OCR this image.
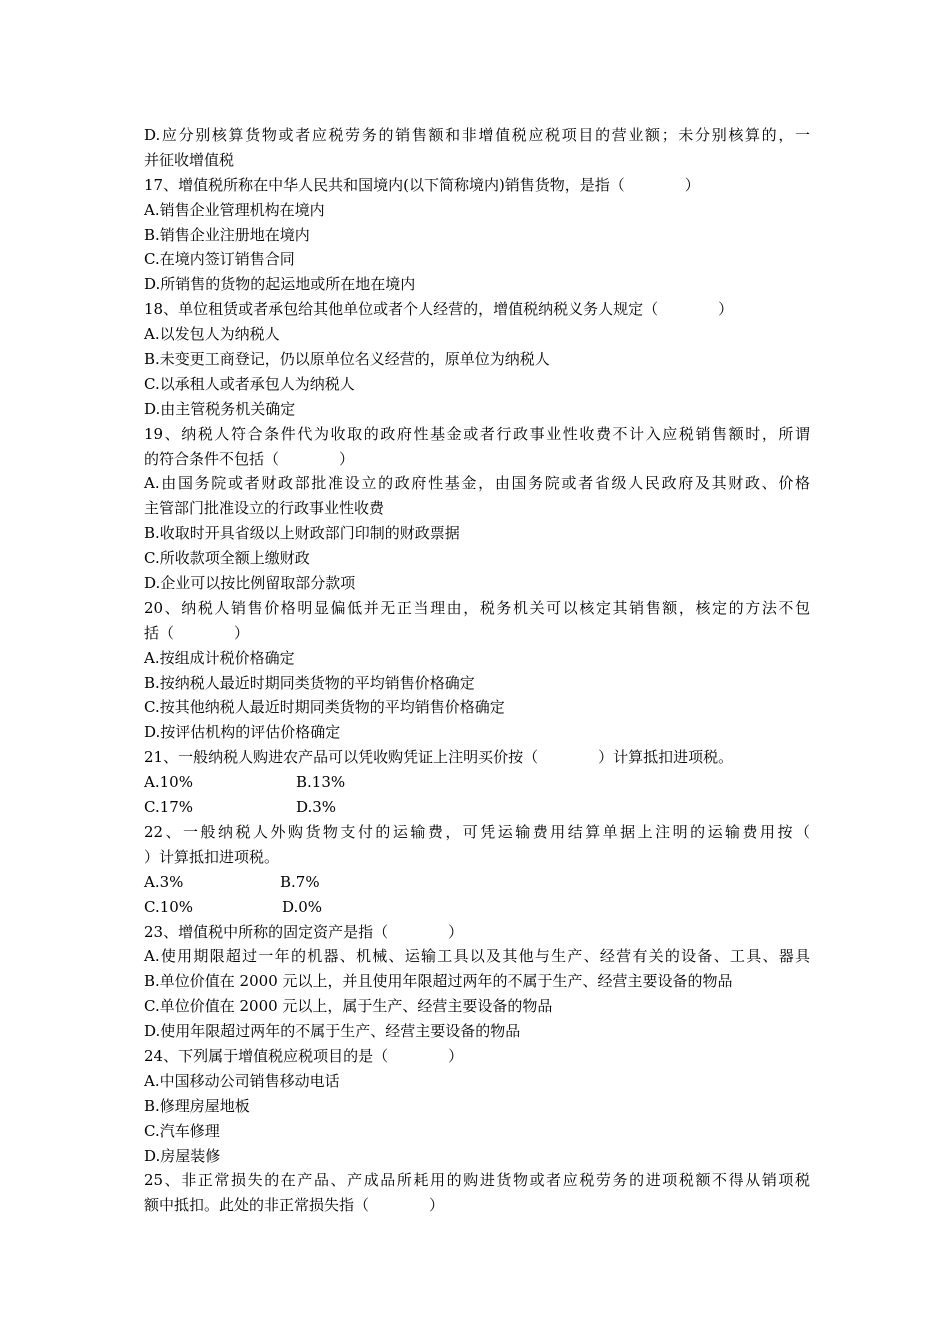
D.应分别核算货物或者应税劳务的销售额和非增值税应税项目的营业额；未分别核算的，一
并征收增值税
17、增值税所称在中华人民共和国境内(以下简称境内)销售货物，是指（　　　　）
A.销售企业管理机构在境内
B.销售企业注册地在境内
C.在境内签订销售合同
D.所销售的货物的起运地或所在地在境内
18、单位租赁或者承包给其他单位或者个人经营的，增值税纳税义务人规定（　　　　）
A.以发包人为纳税人
B.未变更工商登记，仍以原单位名义经营的，原单位为纳税人
C.以承租人或者承包人为纳税人
D.由主管税务机关确定
19、纳税人符合条件代为收取的政府性基金或者行政事业性收费不计入应税销售额时，所谓
的符合条件不包括（　　　　）
A.由国务院或者财政部批准设立的政府性基金，由国务院或者省级人民政府及其财政、价格
主管部门批准设立的行政事业性收费
B.收取时开具省级以上财政部门印制的财政票据
C.所收款项全额上缴财政
D.企业可以按比例留取部分款项
20、纳税人销售价格明显偏低并无正当理由，税务机关可以核定其销售额，核定的方法不包
括（　　　　）
A.按组成计税价格确定
B.按纳税人最近时期同类货物的平均销售价格确定
C.按其他纳税人最近时期同类货物的平均销售价格确定
D.按评估机构的评估价格确定
21、一般纳税人购进农产品可以凭收购凭证上注明买价按（　　　　）计算抵扣进项税。
A.10%	B.13%
C.17%	D.3%
22、一般纳税人外购货物支付的运输费，可凭运输费用结算单据上注明的运输费用按（
）计算抵扣进项税。
A.3%	B.7%
C.10%	D.0%
23、增值税中所称的固定资产是指（　　　　）
A.使用期限超过一年的机器、机械、运输工具以及其他与生产、经营有关的设备、工具、器具
B.单位价值在 2000 元以上，并且使用年限超过两年的不属于生产、经营主要设备的物品
C.单位价值在 2000 元以上，属于生产、经营主要设备的物品
D.使用年限超过两年的不属于生产、经营主要设备的物品
24、下列属于增值税应税项目的是（　　　　）
A.中国移动公司销售移动电话
B.修理房屋地板
C.汽车修理
D.房屋装修
25、非正常损失的在产品、产成品所耗用的购进货物或者应税劳务的进项税额不得从销项税
额中抵扣。此处的非正常损失指（　　　　）
